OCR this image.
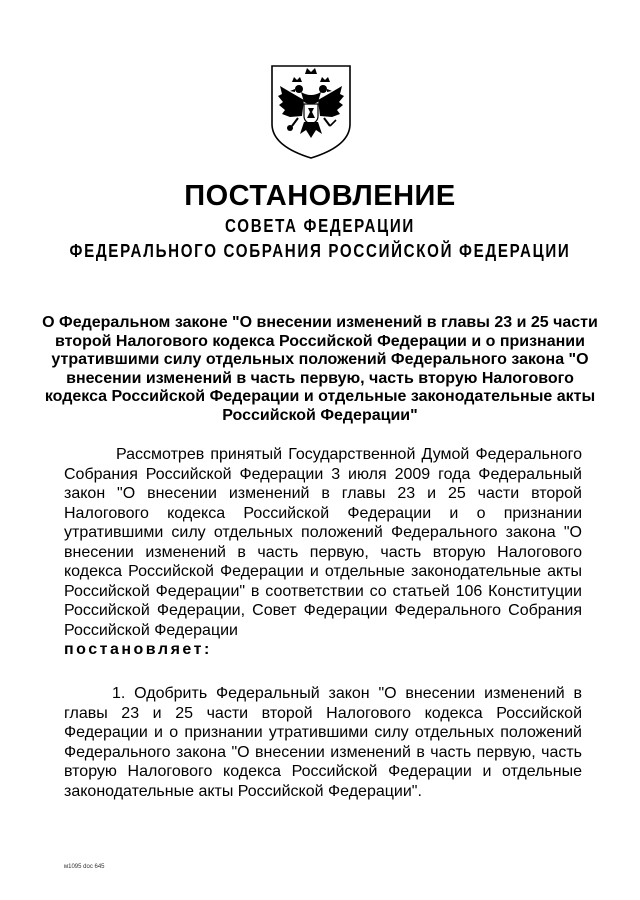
ПОСТАНОВЛЕНИЕ
СОВЕТА ФЕДЕРАЦИИ
ФЕДЕРАЛЬНОГО СОБРАНИЯ РОССИЙСКОЙ ФЕДЕРАЦИИ

О Федеральном законе "О внесении изменений в главы 23 и 25 части второй Налогового кодекса Российской Федерации и о признании утратившими силу отдельных положений Федерального закона "О внесении изменений в часть первую, часть вторую Налогового кодекса Российской Федерации и отдельные законодательные акты Российской Федерации"

Рассмотрев принятый Государственной Думой Федерального Собрания Российской Федерации 3 июля 2009 года Федеральный закон "О внесении изменений в главы 23 и 25 части второй Налогового кодекса Российской Федерации и о признании утратившими силу отдельных положений Федерального закона "О внесении изменений в часть первую, часть вторую Налогового кодекса Российской Федерации и отдельные законодательные акты Российской Федерации" в соответствии со статьей 106 Конституции Российской Федерации, Совет Федерации Федерального Собрания Российской Федерации
постановляет:

1. Одобрить Федеральный закон "О внесении изменений в главы 23 и 25 части второй Налогового кодекса Российской Федерации и о признании утратившими силу отдельных положений Федерального закона "О внесении изменений в часть первую, часть вторую Налогового кодекса Российской Федерации и отдельные законодательные акты Российской Федерации".

м1095 doc 645
